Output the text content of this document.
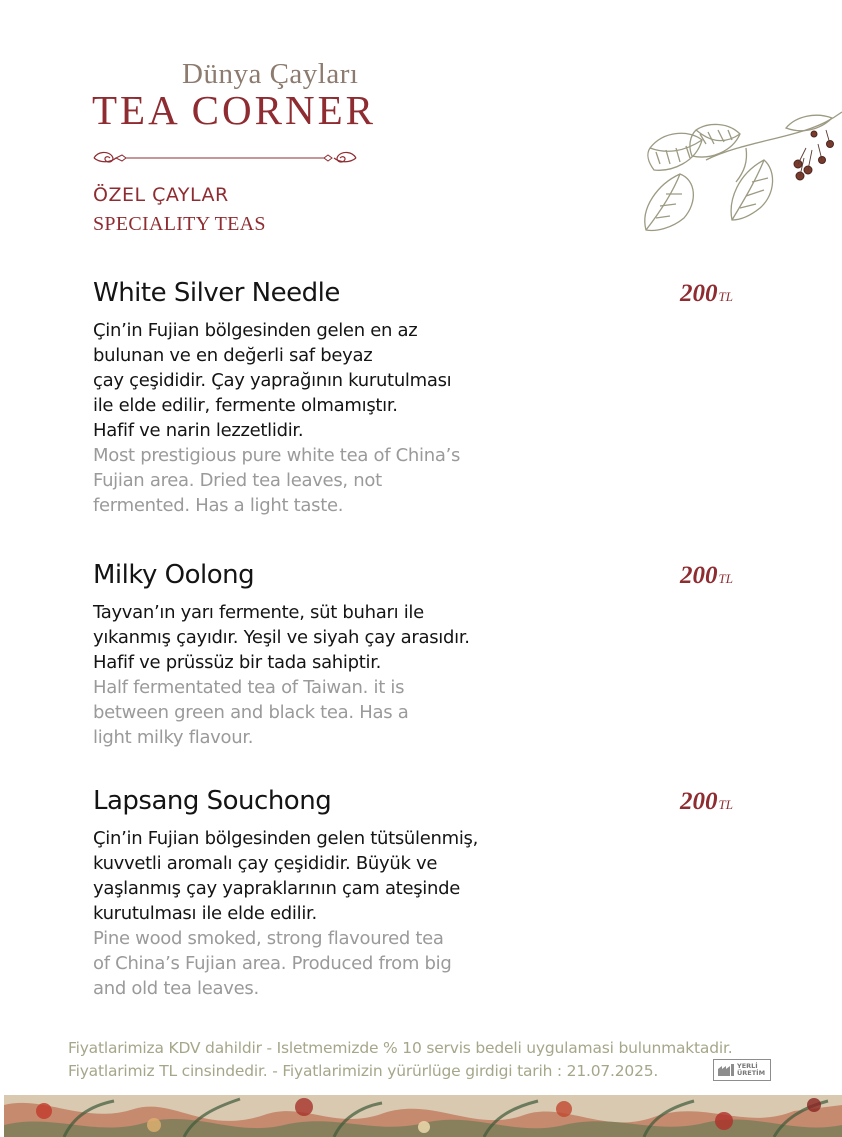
Dünya Çayları
TEA CORNER
ÖZEL ÇAYLAR
SPECIALITY TEAS
White Silver Needle	200TL
Çin’in Fujian bölgesinden gelen en az
bulunan ve en değerli saf beyaz
çay çeşididir. Çay yaprağının kurutulması
ile elde edilir, fermente olmamıştır.
Hafif ve narin lezzetlidir.
Most prestigious pure white tea of China’s
Fujian area. Dried tea leaves, not
fermented. Has a light taste.
Milky Oolong	200TL
Tayvan’ın yarı fermente, süt buharı ile
yıkanmış çayıdır. Yeşil ve siyah çay arasıdır.
Hafif ve prüssüz bir tada sahiptir.
Half fermentated tea of Taiwan. it is
between green and black tea. Has a
light milky flavour.
Lapsang Souchong	200TL
Çin’in Fujian bölgesinden gelen tütsülenmiş,
kuvvetli aromalı çay çeşididir. Büyük ve
yaşlanmış çay yapraklarının çam ateşinde
kurutulması ile elde edilir.
Pine wood smoked, strong flavoured tea
of China’s Fujian area. Produced from big
and old tea leaves.
Fiyatlarimiza KDV dahildir - Isletmemizde % 10 servis bedeli uygulamasi bulunmaktadir.
Fiyatlarimiz TL cinsindedir. - Fiyatlarimizin yürürlüge girdigi tarih : 21.07.2025.	YERLİ
ÜRETİM
